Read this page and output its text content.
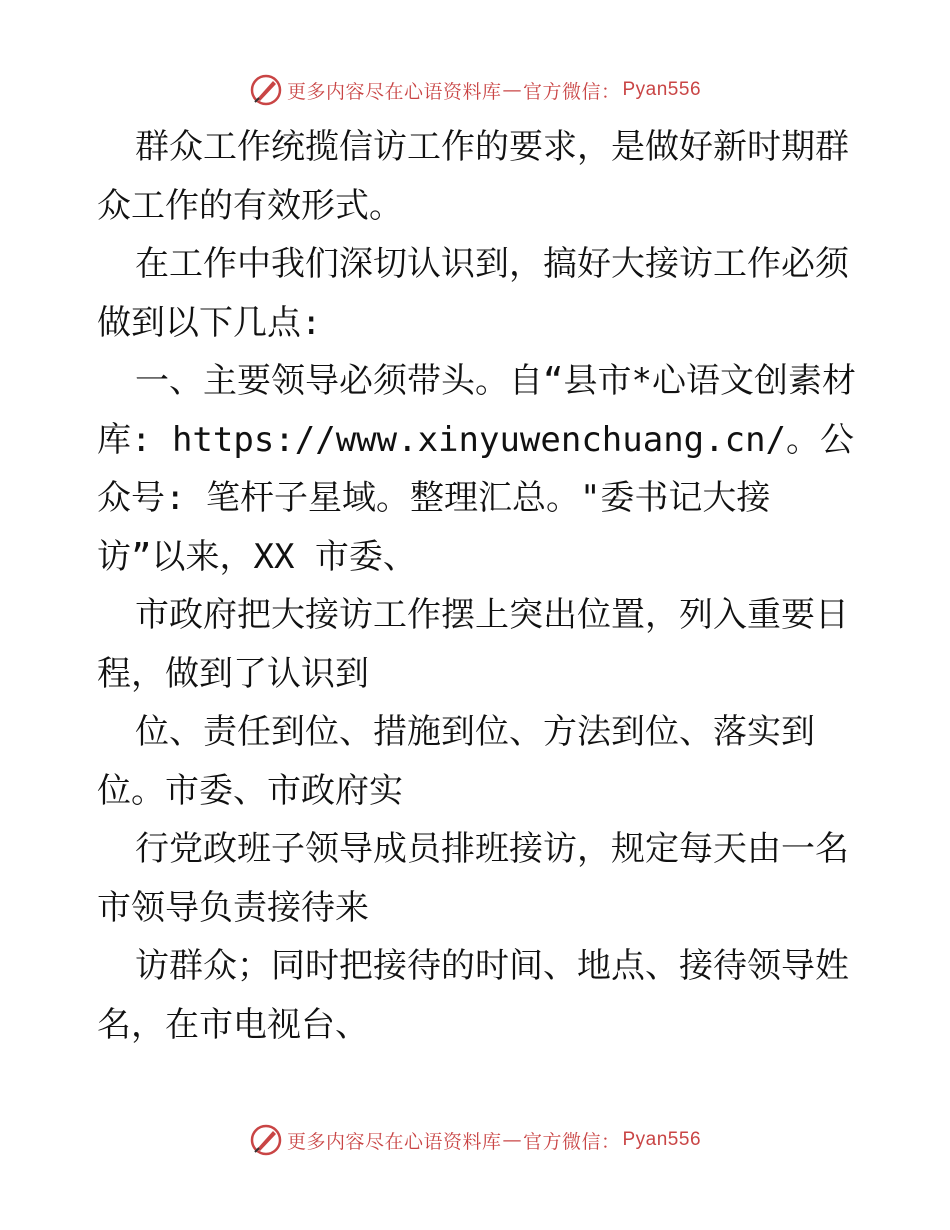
更多内容尽在心语资料库 — 官方微信： Pyan556

群众工作统揽信访工作的要求，是做好新时期群众工作的有效形式。

在工作中我们深切认识到，搞好大接访工作必须做到以下几点:

一、主要领导必须带头。自“县市*心语文创素材库: https://www.xinyuwenchuang.cn/。公众号: 笔杆子星域。整理汇总。"委书记大接访”以来，XX 市委、

市政府把大接访工作摆上突出位置，列入重要日程，做到了认识到

位、责任到位、措施到位、方法到位、落实到位。市委、市政府实

行党政班子领导成员排班接访，规定每天由一名市领导负责接待来

访群众；同时把接待的时间、地点、接待领导姓名，在市电视台、

更多内容尽在心语资料库 — 官方微信： Pyan556
